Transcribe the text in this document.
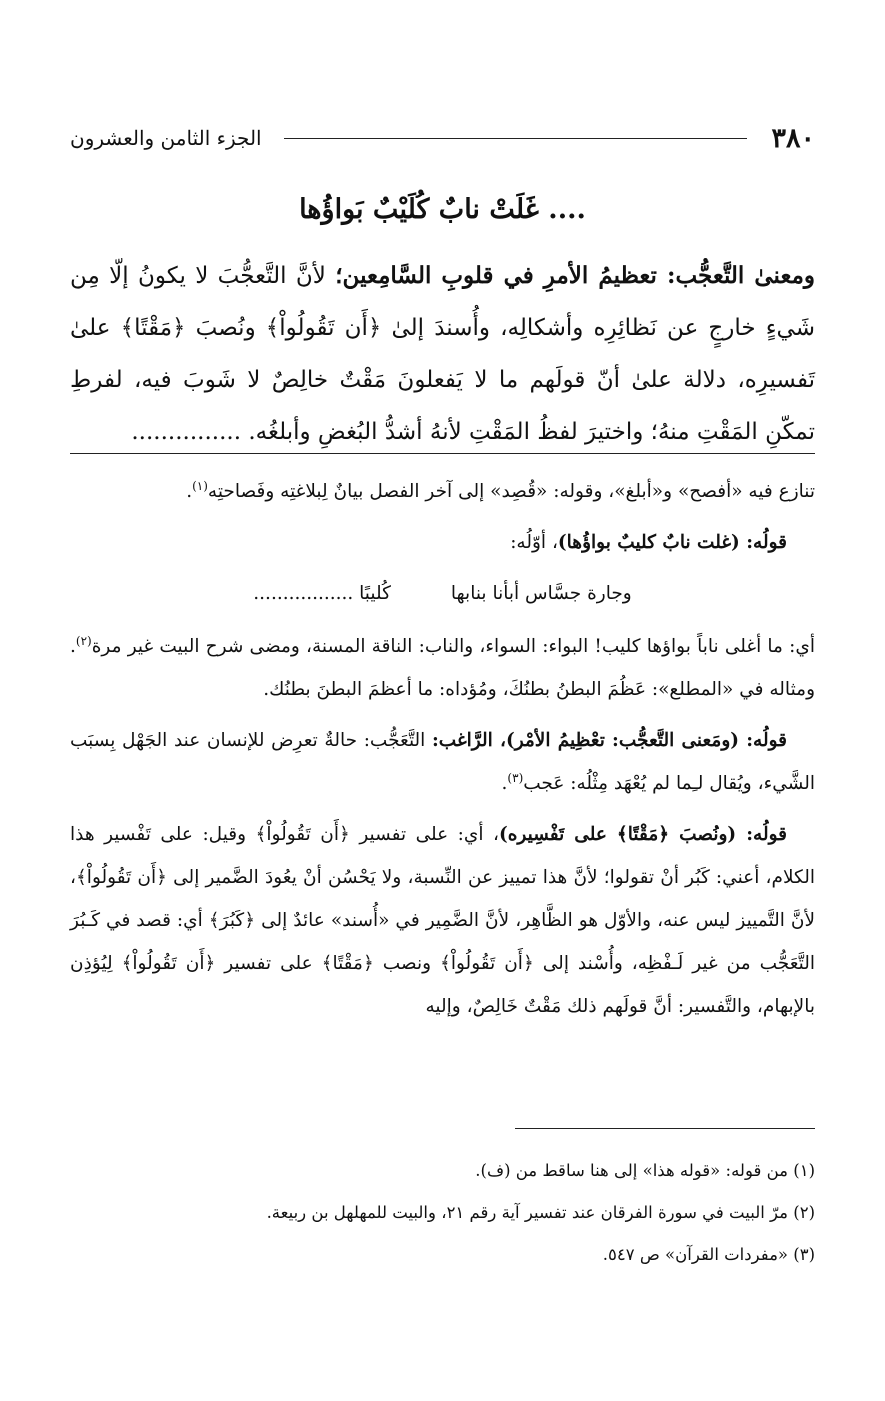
٣٨٠
الجزء الثامن والعشرون
.... غَلَتْ نابٌ كُلَيْبٌ بَواؤُها

ومعنىٰ التَّعجُّب: تعظيمُ الأمرِ في قلوبِ السَّامِعين؛ لأنَّ التَّعجُّبَ لا يكونُ إلّا مِن شَيءٍ خارجٍ عن نَظائِرِه وأشكالِه، وأُسندَ إلىٰ ﴿أَن تَقُولُواْ﴾ ونُصبَ ﴿مَقْتًا﴾ علىٰ تَفسيرِه، دلالة علىٰ أنّ قولَهم ما لا يَفعلونَ مَقْتٌ خالِصٌ لا شَوبَ فيه، لفرطِ تمكّنِ المَقْتِ منهُ؛ واختيرَ لفظُ المَقْتِ لأنهُ أشدُّ البُغضِ وأبلغُه. ...............

تنازع فيه «أفصح» و«أبلغ»، وقوله: «قُصِد» إلى آخر الفصل بيانٌ لِبلاغتِه وفَصاحتِه$^{(١)}$.

قولُه: (غلت نابٌ كليبٌ بواؤُها)، أوّلُه:

وجارة جسَّاس أبأنا بنابها
كُليبًا .................

أي: ما أغلى ناباً بواؤها كليب! البواء: السواء، والناب: الناقة المسنة، ومضى شرح البيت غير مرة$^{(٢)}$. ومثاله في «المطلع»: عَظُمَ البطنُ بطنُكَ، ومُؤداه: ما أعظمَ البطنَ بطنُك.

قولُه: (ومَعنى التَّعجُّب: تعْظِيمُ الأمْر)، الرَّاغب: التَّعَجُّب: حالةٌ تعرِض للإنسان عند الجَهْل بِسبَب الشَّيء، ويُقال لـِما لم يُعْهَد مِثْلُه: عَجب$^{(٣)}$.

قولُه: (ونُصبَ ﴿مَقْتًا﴾ على تَفْسِيره)، أي: على تفسير ﴿أَن تَقُولُواْ﴾ وقيل: على تَفْسير هذا الكلام، أعني: كَبُر أنْ تقولوا؛ لأنَّ هذا تمييز عن النِّسبة، ولا يَحْسُن أنْ يعُودَ الضَّمير إلى ﴿أَن تَقُولُواْ﴾، لأنَّ التَّمييز ليس عنه، والأوّل هو الظَّاهِر، لأنَّ الضَّمِير في «أُسند» عائدٌ إلى ﴿كَبُرَ﴾ أي: قصد في كَـبُرَ التَّعَجُّب من غير لَـفْظِه، وأُسْند إلى ﴿أَن تَقُولُواْ﴾ ونصب ﴿مَقْتًا﴾ على تفسير ﴿أَن تَقُولُواْ﴾ لِيُؤذِن بالإبهام، والتَّفسير: أنَّ قولَهم ذلك مَقْتٌ خَالِصٌ، وإليه

(١) من قوله: «قوله هذا» إلى هنا ساقط من (ف).

(٢) مرّ البيت في سورة الفرقان عند تفسير آية رقم ٢١، والبيت للمهلهل بن ربيعة.

(٣) «مفردات القرآن» ص ٥٤٧.
